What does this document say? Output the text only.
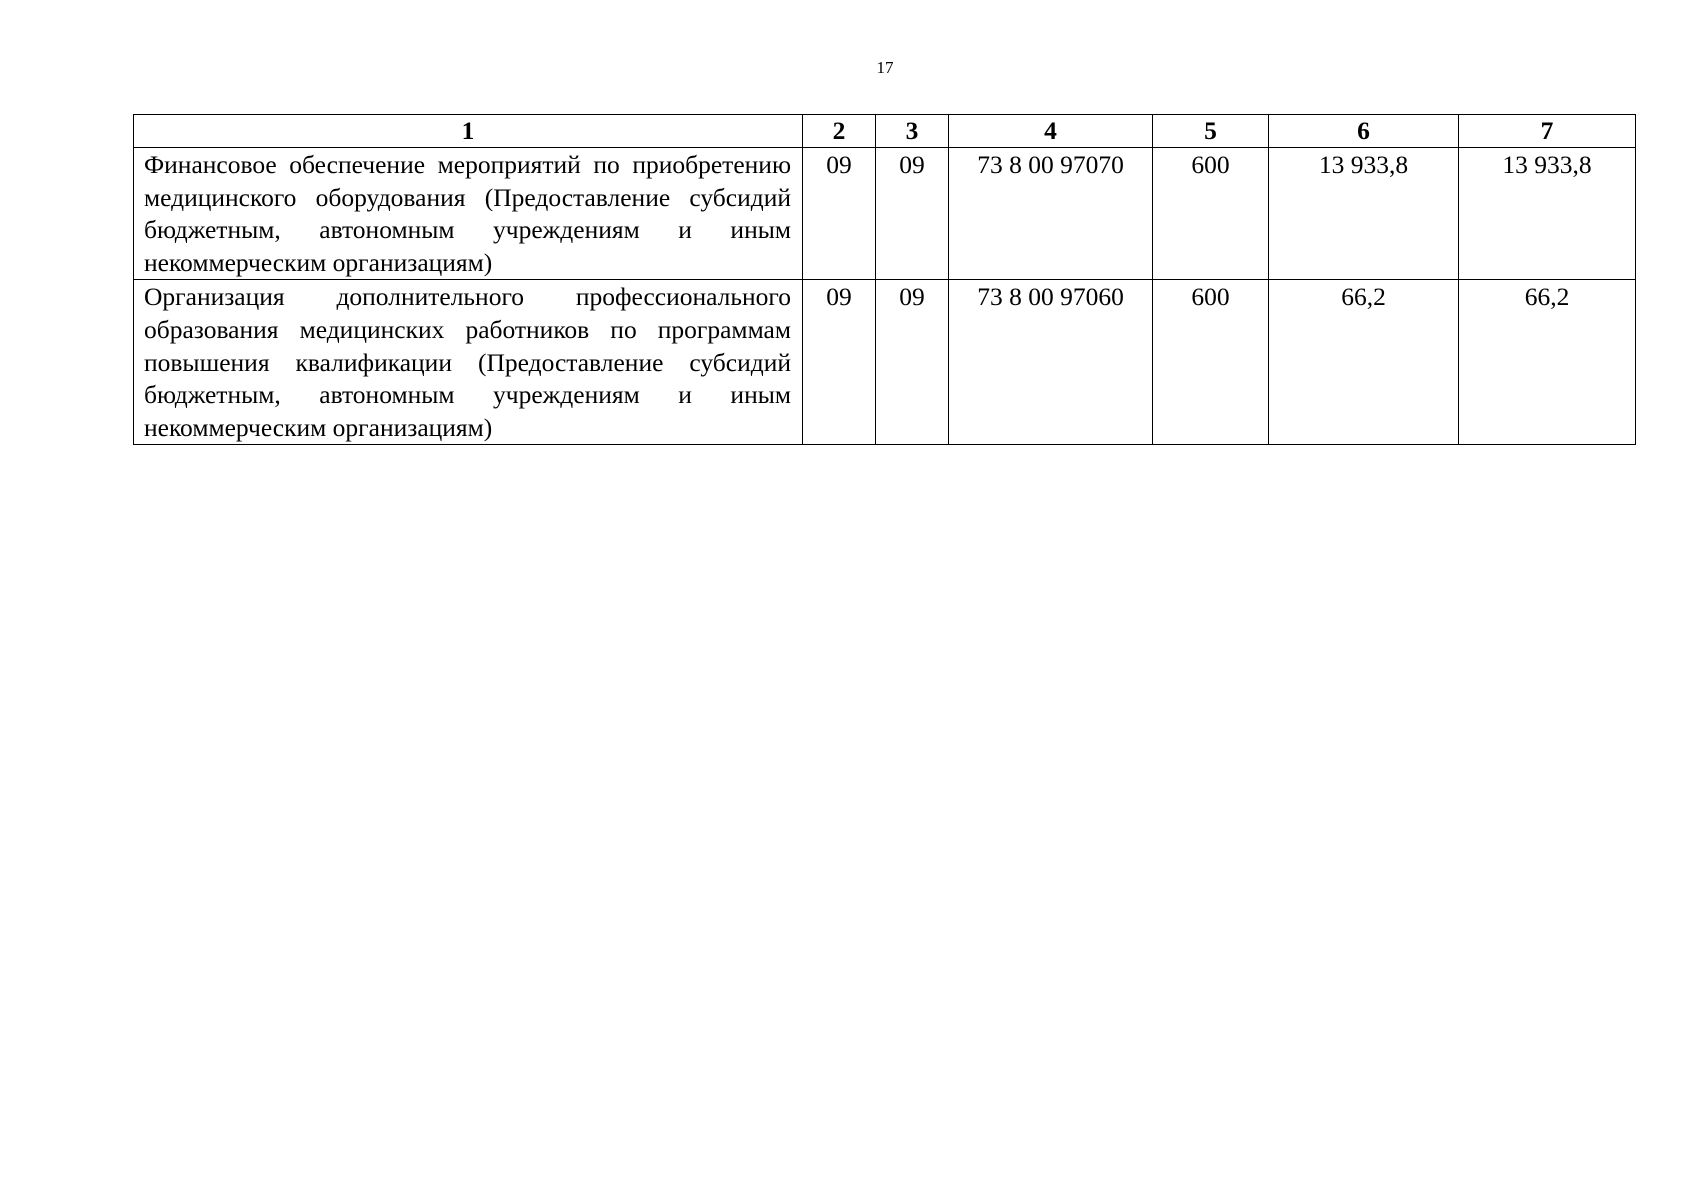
17
1	2	3	4	5	6	7
Финансовое обеспечение мероприятий по приобретению медицинского оборудования (Предоставление субсидий бюджетным, автономным учреждениям и иным некоммерческим организациям)	09	09	73 8 00 97070	600	13 933,8	13 933,8
Организация дополнительного профессионального образования медицинских работников по программам повышения квалификации (Предоставление субсидий бюджетным, автономным учреждениям и иным некоммерческим организациям)	09	09	73 8 00 97060	600	66,2	66,2
